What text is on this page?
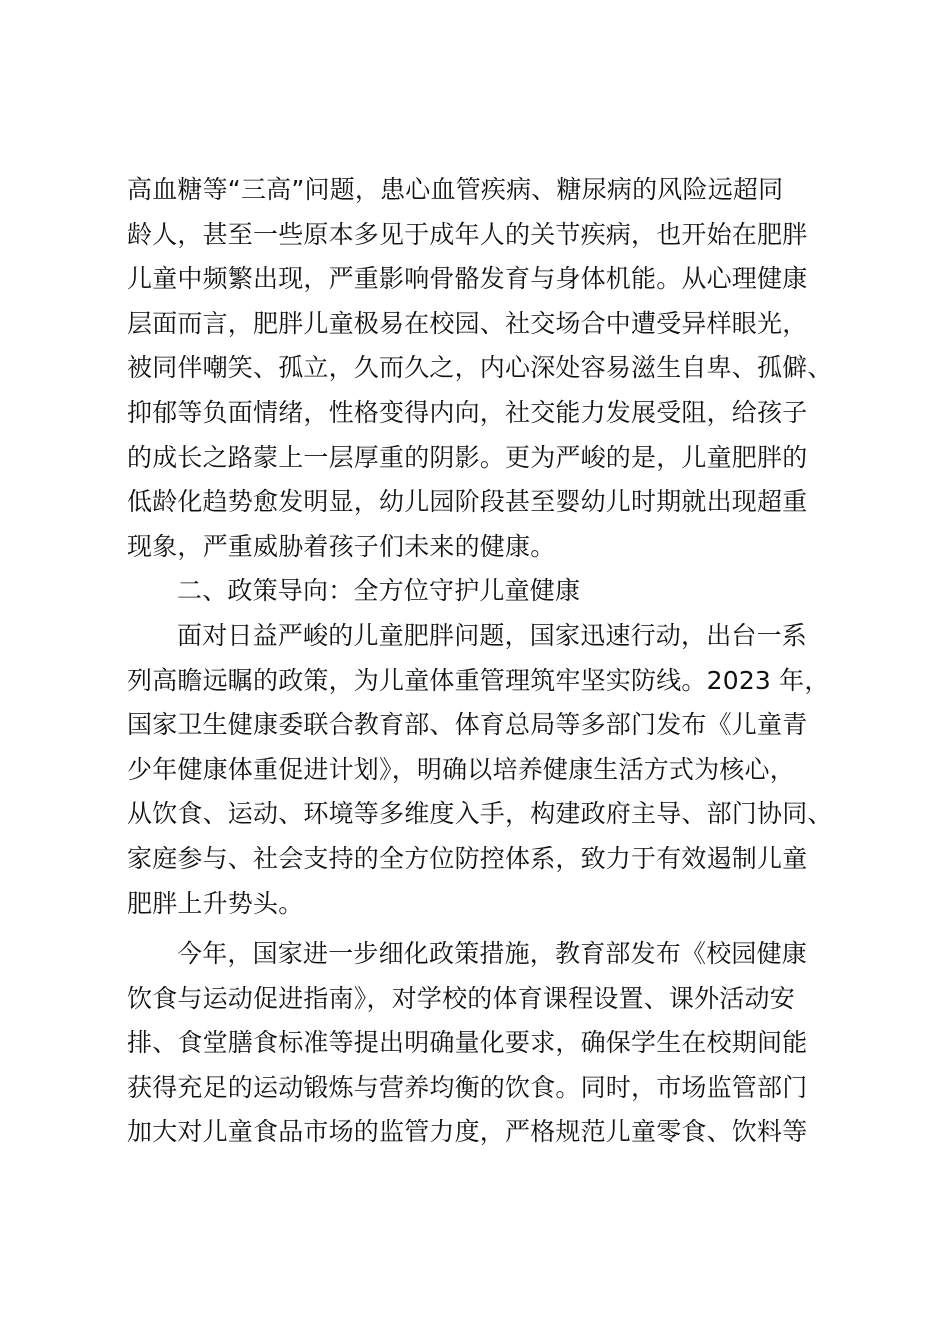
高血糖等“三高”问题，患心血管疾病、糖尿病的风险远超同
龄人，甚至一些原本多见于成年人的关节疾病，也开始在肥胖
儿童中频繁出现，严重影响骨骼发育与身体机能。从心理健康
层面而言，肥胖儿童极易在校园、社交场合中遭受异样眼光，
被同伴嘲笑、孤立，久而久之，内心深处容易滋生自卑、孤僻、
抑郁等负面情绪，性格变得内向，社交能力发展受阻，给孩子
的成长之路蒙上一层厚重的阴影。更为严峻的是，儿童肥胖的
低龄化趋势愈发明显，幼儿园阶段甚至婴幼儿时期就出现超重
现象，严重威胁着孩子们未来的健康。
二、政策导向：全方位守护儿童健康
面对日益严峻的儿童肥胖问题，国家迅速行动，出台一系
列高瞻远瞩的政策，为儿童体重管理筑牢坚实防线。2023 年，
国家卫生健康委联合教育部、体育总局等多部门发布《儿童青
少年健康体重促进计划》，明确以培养健康生活方式为核心，
从饮食、运动、环境等多维度入手，构建政府主导、部门协同、
家庭参与、社会支持的全方位防控体系，致力于有效遏制儿童
肥胖上升势头。
今年，国家进一步细化政策措施，教育部发布《校园健康
饮食与运动促进指南》，对学校的体育课程设置、课外活动安
排、食堂膳食标准等提出明确量化要求，确保学生在校期间能
获得充足的运动锻炼与营养均衡的饮食。同时，市场监管部门
加大对儿童食品市场的监管力度，严格规范儿童零食、饮料等
